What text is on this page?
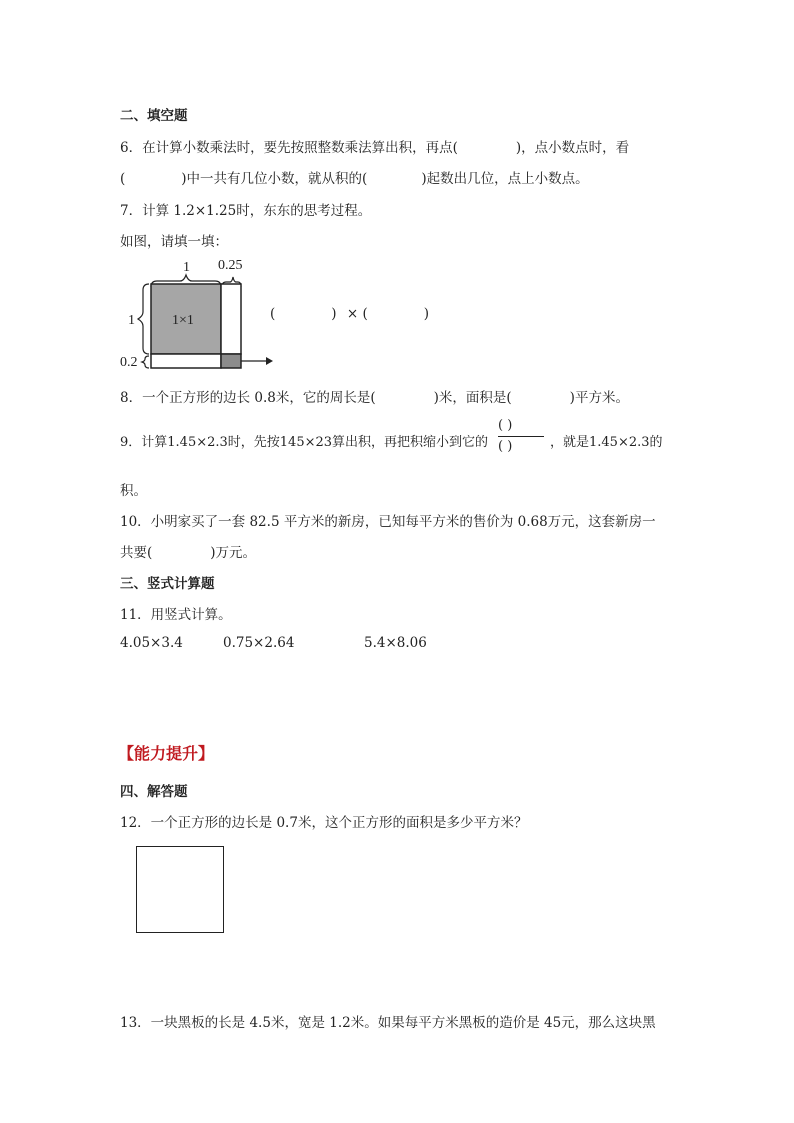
二、填空题
6．在计算小数乘法时，要先按照整数乘法算出积，再点(	)，点小数点时，看
(	)中一共有几位小数，就从积的(	)起数出几位，点上小数点。
7．计算 1.2×1.25时，东东的思考过程。
如图，请填一填：
1 0.25
1
0.2
1×1	(	) × (	)
8．一个正方形的边长 0.8米，它的周长是(	)米，面积是(	)平方米。
9．计算1.45×2.3时，先按145×23算出积，再把积缩小到它的
( )
( )	，就是1.45×2.3的
积。
10．小明家买了一套 82.5 平方米的新房，已知每平方米的售价为 0.68万元，这套新房一
共要(	)万元。
三、竖式计算题
11．用竖式计算。
4.05×3.4	0.75×2.64	5.4×8.06
【能力提升】
四、解答题
12．一个正方形的边长是 0.7米，这个正方形的面积是多少平方米？
13．一块黑板的长是 4.5米，宽是 1.2米。如果每平方米黑板的造价是 45元，那么这块黑
